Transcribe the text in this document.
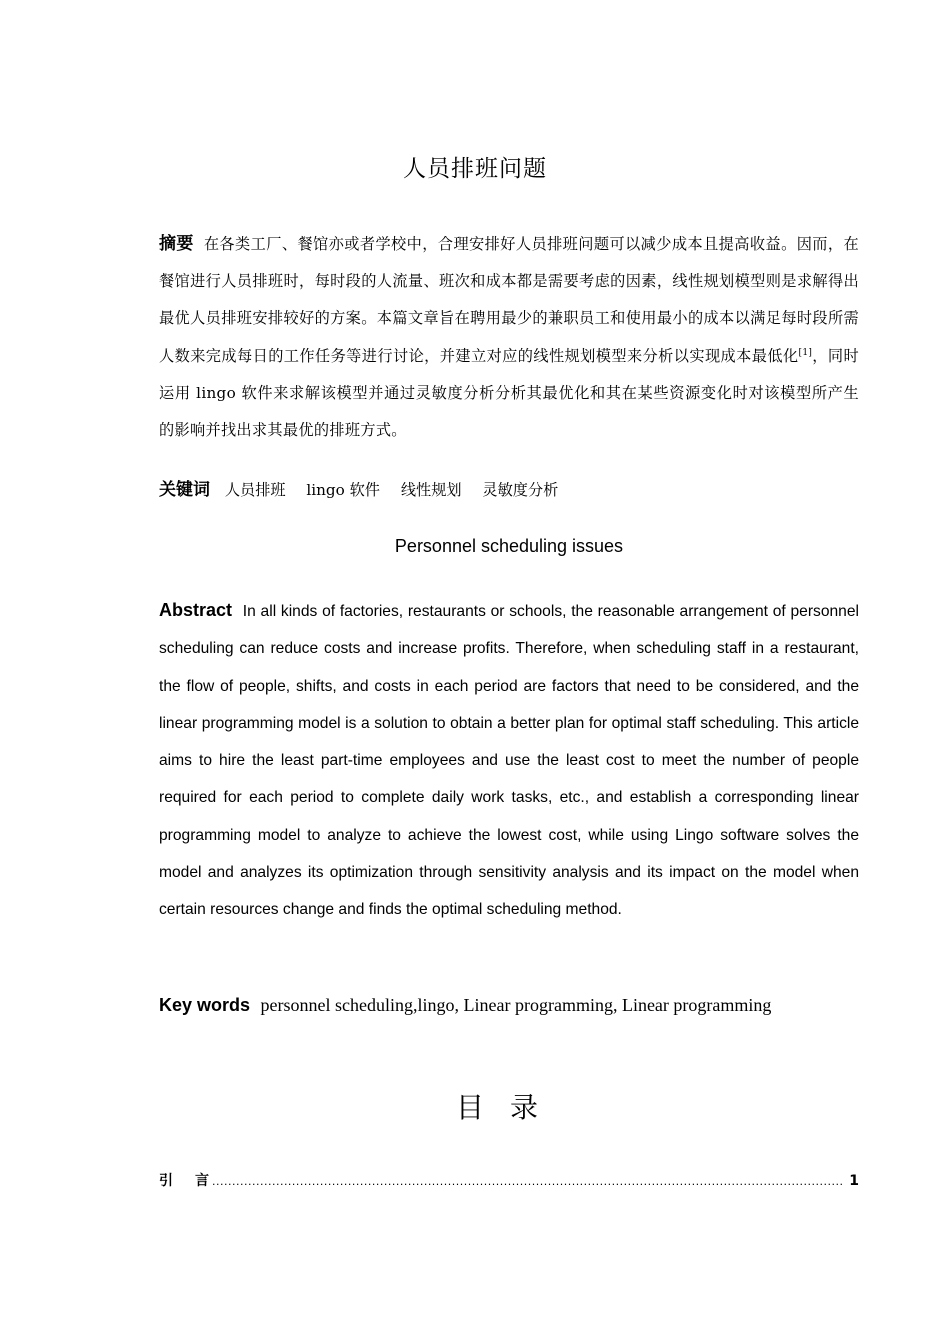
人员排班问题
摘要 在各类工厂、餐馆亦或者学校中，合理安排好人员排班问题可以减少成本且提高收益。因而，在餐馆进行人员排班时，每时段的人流量、班次和成本都是需要考虑的因素，线性规划模型则是求解得出最优人员排班安排较好的方案。本篇文章旨在聘用最少的兼职员工和使用最小的成本以满足每时段所需人数来完成每日的工作任务等进行讨论，并建立对应的线性规划模型来分析以实现成本最低化[1]，同时运用 lingo 软件来求解该模型并通过灵敏度分析分析其最优化和其在某些资源变化时对该模型所产生的影响并找出求其最优的排班方式。
关键词 人员排班 lingo 软件 线性规划 灵敏度分析
Personnel scheduling issues
Abstract In all kinds of factories, restaurants or schools, the reasonable arrangement of personnel scheduling can reduce costs and increase profits. Therefore, when scheduling staff in a restaurant, the flow of people, shifts, and costs in each period are factors that need to be considered, and the linear programming model is a solution to obtain a better plan for optimal staff scheduling. This article aims to hire the least part-time employees and use the least cost to meet the number of people required for each period to complete daily work tasks, etc., and establish a corresponding linear programming model to analyze to achieve the lowest cost, while using Lingo software solves the model and analyzes its optimization through sensitivity analysis and its impact on the model when certain resources change and finds the optimal scheduling method.
Key words personnel scheduling,lingo, Linear programming, Linear programming
目录
引言
.............................................................................................................................................................. 1
